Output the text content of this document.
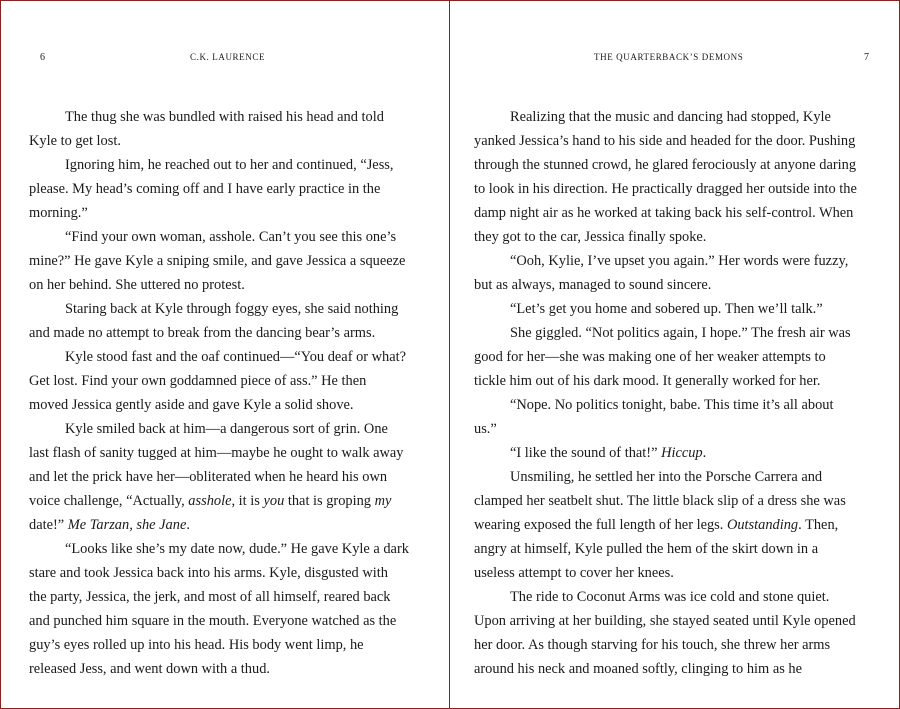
6	C.K. LAURENCE

The thug she was bundled with raised his head and told Kyle to get lost.

Ignoring him, he reached out to her and continued, “Jess, please. My head’s coming off and I have early practice in the morning.”

“Find your own woman, asshole. Can’t you see this one’s mine?” He gave Kyle a sniping smile, and gave Jessica a squeeze on her behind. She uttered no protest.

Staring back at Kyle through foggy eyes, she said nothing and made no attempt to break from the dancing bear’s arms.

Kyle stood fast and the oaf continued—“You deaf or what? Get lost. Find your own goddamned piece of ass.” He then moved Jessica gently aside and gave Kyle a solid shove.

Kyle smiled back at him—a dangerous sort of grin. One last flash of sanity tugged at him—maybe he ought to walk away and let the prick have her—obliterated when he heard his own voice challenge, “Actually, asshole, it is you that is groping my date!” Me Tarzan, she Jane.

“Looks like she’s my date now, dude.” He gave Kyle a dark stare and took Jessica back into his arms. Kyle, disgusted with the party, Jessica, the jerk, and most of all himself, reared back and punched him square in the mouth. Everyone watched as the guy’s eyes rolled up into his head. His body went limp, he released Jess, and went down with a thud.

THE QUARTERBACK’S DEMONS	7

Realizing that the music and dancing had stopped, Kyle yanked Jessica’s hand to his side and headed for the door. Pushing through the stunned crowd, he glared ferociously at anyone daring to look in his direction. He practically dragged her outside into the damp night air as he worked at taking back his self-control. When they got to the car, Jessica finally spoke.

“Ooh, Kylie, I’ve upset you again.” Her words were fuzzy, but as always, managed to sound sincere.

“Let’s get you home and sobered up. Then we’ll talk.”

She giggled. “Not politics again, I hope.” The fresh air was good for her—she was making one of her weaker attempts to tickle him out of his dark mood. It generally worked for her.

“Nope. No politics tonight, babe. This time it’s all about us.”

“I like the sound of that!” Hiccup.

Unsmiling, he settled her into the Porsche Carrera and clamped her seatbelt shut. The little black slip of a dress she was wearing exposed the full length of her legs. Outstanding. Then, angry at himself, Kyle pulled the hem of the skirt down in a useless attempt to cover her knees.

The ride to Coconut Arms was ice cold and stone quiet. Upon arriving at her building, she stayed seated until Kyle opened her door. As though starving for his touch, she threw her arms around his neck and moaned softly, clinging to him as he
